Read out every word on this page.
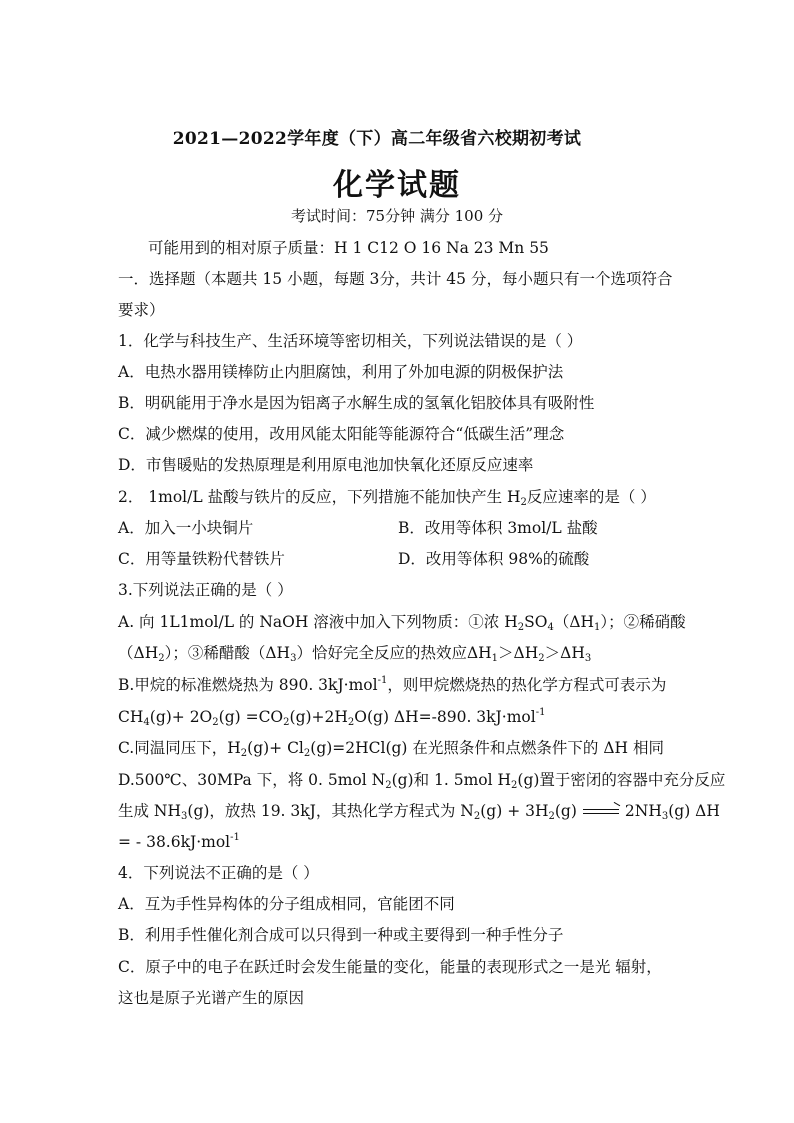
2021—2022学年度（下）高二年级省六校期初考试
化学试题
考试时间：75分钟 满分 100 分
可能用到的相对原子质量：H 1 C12 O 16 Na 23 Mn 55
一．选择题（本题共 15 小题，每题 3分，共计 45 分，每小题只有一个选项符合
要求）
1．化学与科技生产、生活环境等密切相关，下列说法错误的是（ ）
A．电热水器用镁棒防止内胆腐蚀，利用了外加电源的阴极保护法
B．明矾能用于净水是因为铝离子水解生成的氢氧化铝胶体具有吸附性
C．减少燃煤的使用，改用风能太阳能等能源符合“低碳生活”理念
D．市售暖贴的发热原理是利用原电池加快氧化还原反应速率
2． 1mol/L 盐酸与铁片的反应，下列措施不能加快产生 $H_2$反应速率的是（ ）
A．加入一小块铜片	B．改用等体积 3mol/L 盐酸
C．用等量铁粉代替铁片	D．改用等体积 98%的硫酸
3.下列说法正确的是（ ）
A. 向 1L1mol/L 的 NaOH 溶液中加入下列物质：①浓 $H_2SO_4(\Delta H_1)$；②稀硝酸
$(\Delta H_2)$；③稀醋酸$(\Delta H_3)$恰好完全反应的热效应$\Delta H_1>\Delta H_2>\Delta H_3$
B.甲烷的标准燃烧热为 890. 3kJ·mol$^{-1}$，则甲烷燃烧热的热化学方程式可表示为
$CH_4(g)+ 2O_2(g) =CO_2(g)+2H_2O(g)$ ΔH=-890. 3kJ·mol$^{-1}$
C.同温同压下，$H_2(g)+ Cl_2(g)=2HCl(g)$ 在光照条件和点燃条件下的 ΔH 相同
D.500℃、30MPa 下，将 0. 5mol $N_2(g)$和 1. 5mol $H_2(g)$置于密闭的容器中充分反应
生成 $NH_3(g)$，放热 19. 3kJ，其热化学方程式为 $N_2(g) + 3H_2(g) \to 2NH_3(g)$ ΔH
= - 38.6kJ·mol$^{-1}$
4．下列说法不正确的是（ ）
A．互为手性异构体的分子组成相同，官能团不同
B．利用手性催化剂合成可以只得到一种或主要得到一种手性分子
C．原子中的电子在跃迁时会发生能量的变化，能量的表现形式之一是光 辐射，
这也是原子光谱产生的原因
